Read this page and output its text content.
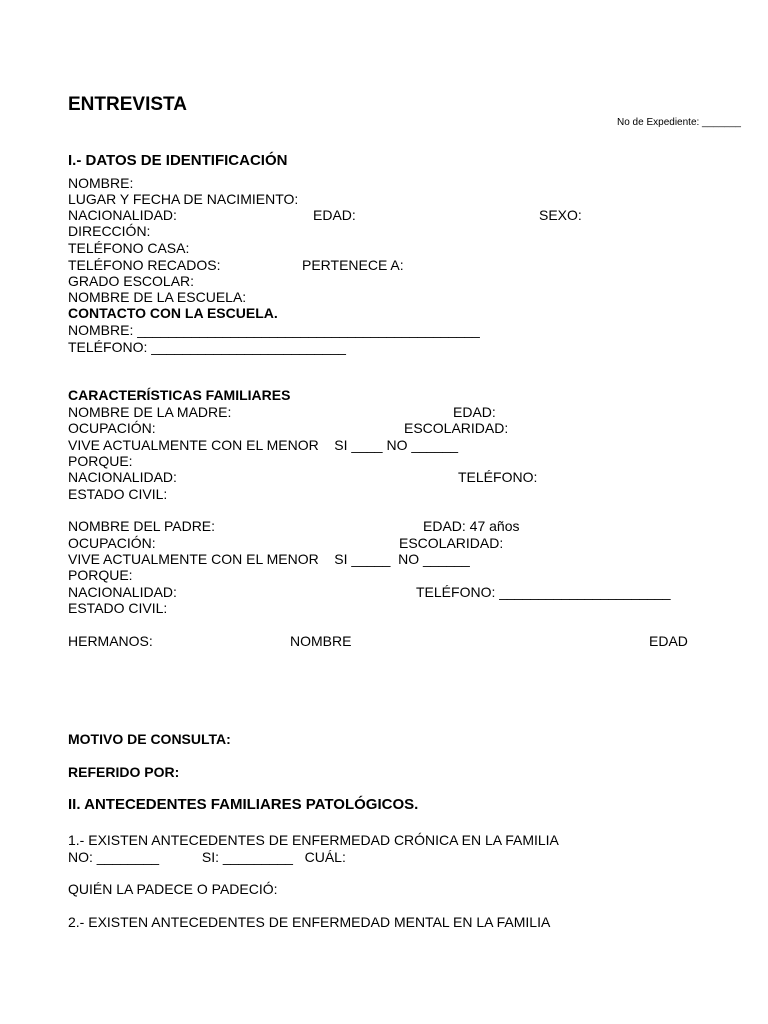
ENTREVISTA

No de Expediente: _______

I.- DATOS DE IDENTIFICACIÓN

NOMBRE:

LUGAR Y FECHA DE NACIMIENTO:

NACIONALIDAD:	EDAD:	SEXO:

DIRECCIÓN:

TELÉFONO CASA:

TELÉFONO RECADOS:	PERTENECE A:

GRADO ESCOLAR:

NOMBRE DE LA ESCUELA:

CONTACTO CON LA ESCUELA.

NOMBRE: ____________________________________________

TELÉFONO: _________________________

CARACTERÍSTICAS FAMILIARES

NOMBRE DE LA MADRE:	EDAD:

OCUPACIÓN:	ESCOLARIDAD:

VIVE ACTUALMENTE CON EL MENOR    SI ____ NO ______

PORQUE:

NACIONALIDAD:	TELÉFONO:

ESTADO CIVIL:

NOMBRE DEL PADRE:	EDAD: 47 años

OCUPACIÓN:	ESCOLARIDAD:

VIVE ACTUALMENTE CON EL MENOR    SI _____  NO ______

PORQUE:

NACIONALIDAD:	TELÉFONO: ______________________

ESTADO CIVIL:

HERMANOS:	NOMBRE	EDAD

MOTIVO DE CONSULTA:

REFERIDO POR:

II. ANTECEDENTES FAMILIARES PATOLÓGICOS.

1.- EXISTEN ANTECEDENTES DE ENFERMEDAD CRÓNICA EN LA FAMILIA

NO: ________           SI: _________   CUÁL:

QUIÉN LA PADECE O PADECIÓ:

2.- EXISTEN ANTECEDENTES DE ENFERMEDAD MENTAL EN LA FAMILIA
